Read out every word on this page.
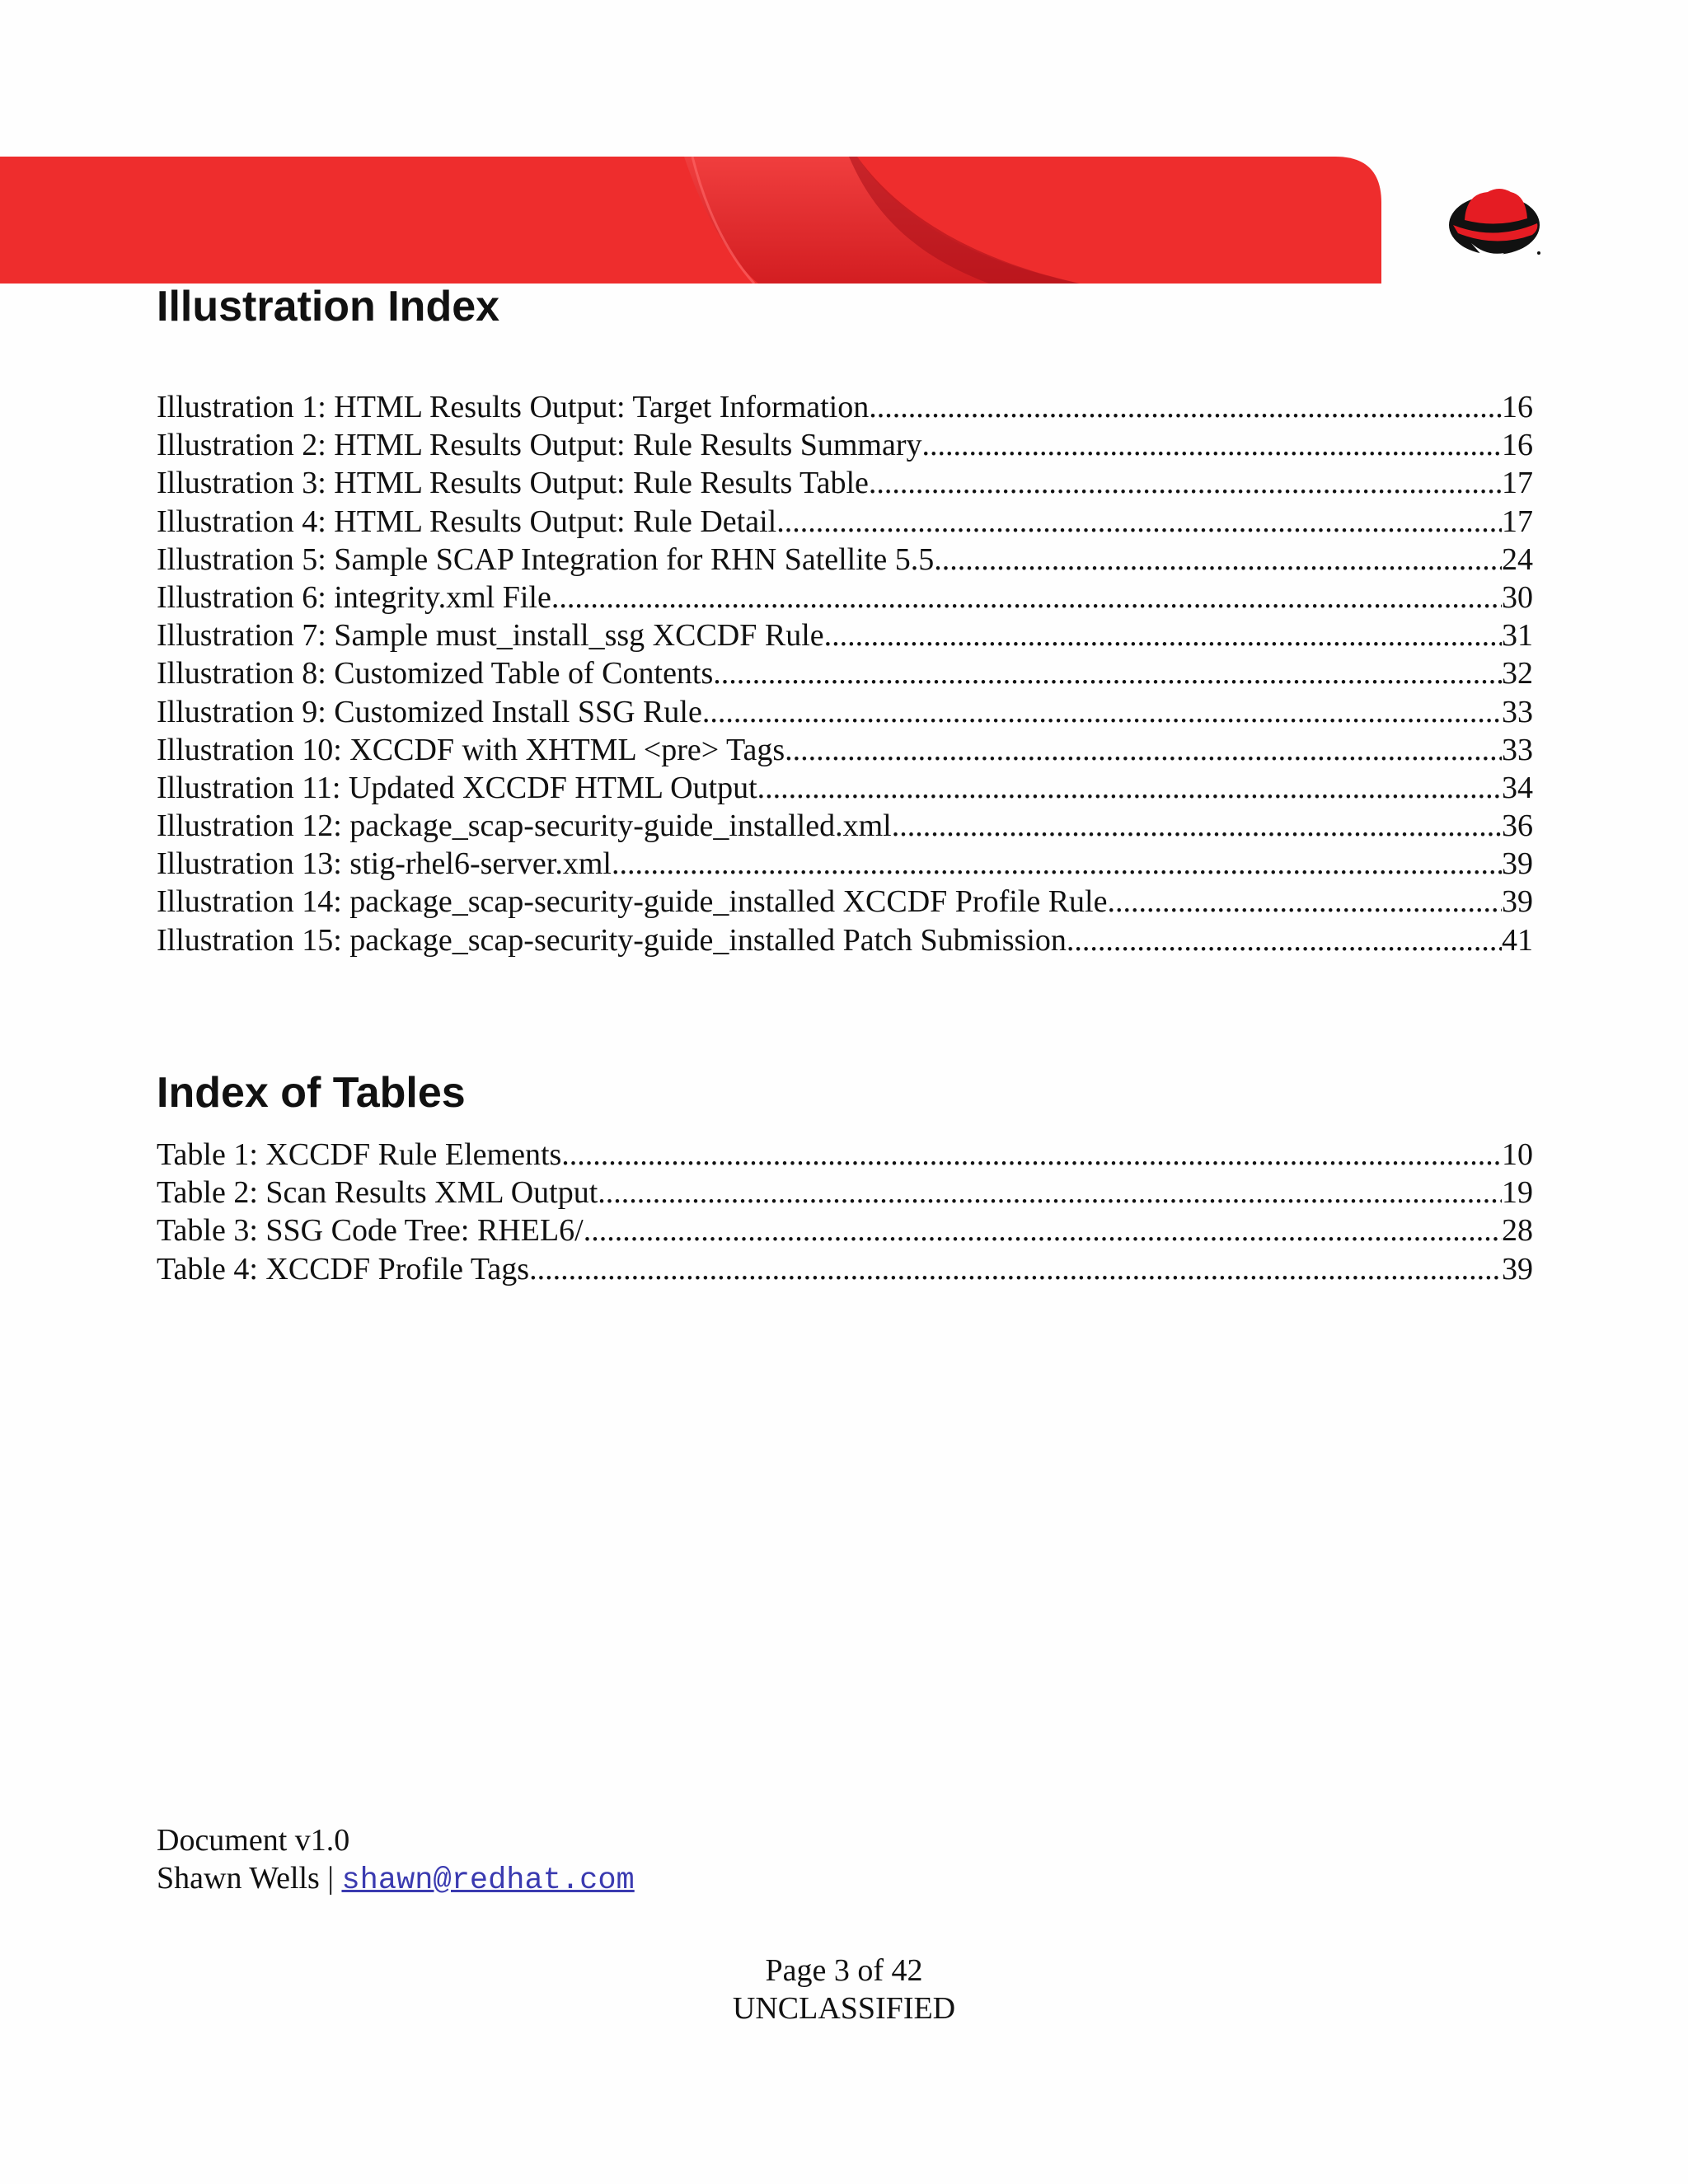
Illustration Index
Illustration 1: HTML Results Output: Target Information .....	16
Illustration 2: HTML Results Output: Rule Results Summary .....	16
Illustration 3: HTML Results Output: Rule Results Table .....	17
Illustration 4: HTML Results Output: Rule Detail .....	17
Illustration 5: Sample SCAP Integration for RHN Satellite 5.5 .....	24
Illustration 6: integrity.xml File .....	30
Illustration 7: Sample must_install_ssg XCCDF Rule .....	31
Illustration 8: Customized Table of Contents .....	32
Illustration 9: Customized Install SSG Rule .....	33
Illustration 10: XCCDF with XHTML <pre> Tags .....	33
Illustration 11: Updated XCCDF HTML Output .....	34
Illustration 12: package_scap-security-guide_installed.xml .....	36
Illustration 13: stig-rhel6-server.xml .....	39
Illustration 14: package_scap-security-guide_installed XCCDF Profile Rule .....	39
Illustration 15: package_scap-security-guide_installed Patch Submission .....	41
Index of Tables
Table 1: XCCDF Rule Elements .....	10
Table 2: Scan Results XML Output .....	19
Table 3: SSG Code Tree: RHEL6/ .....	28
Table 4: XCCDF Profile Tags .....	39
Document v1.0
Shawn Wells | shawn@redhat.com
Page 3 of 42
UNCLASSIFIED
